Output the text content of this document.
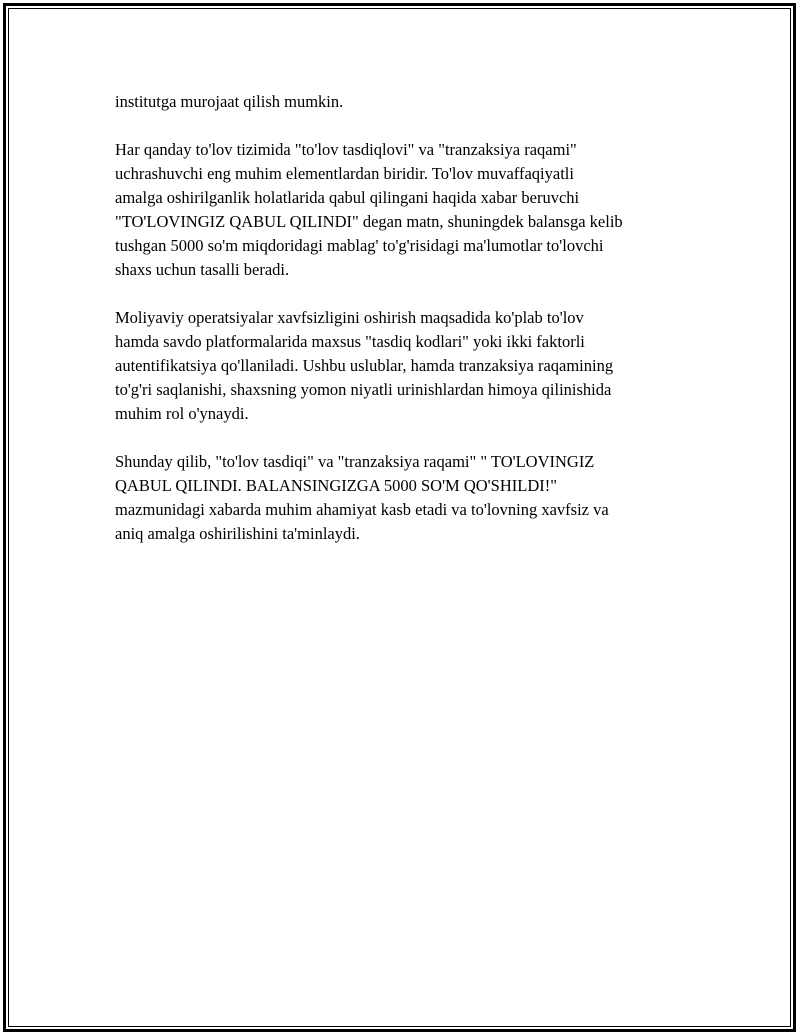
institutga murojaat qilish mumkin.

Har qanday to'lov tizimida "to'lov tasdiqlovi" va "tranzaksiya raqami"
uchrashuvchi eng muhim elementlardan biridir. To'lov muvaffaqiyatli
amalga oshirilganlik holatlarida qabul qilingani haqida xabar beruvchi
"TO'LOVINGIZ QABUL QILINDI" degan matn, shuningdek balansga kelib
tushgan 5000 so'm miqdoridagi mablag' to'g'risidagi ma'lumotlar to'lovchi
shaxs uchun tasalli beradi.

Moliyaviy operatsiyalar xavfsizligini oshirish maqsadida ko'plab to'lov
hamda savdo platformalarida maxsus "tasdiq kodlari" yoki ikki faktorli
autentifikatsiya qo'llaniladi. Ushbu uslublar, hamda tranzaksiya raqamining
to'g'ri saqlanishi, shaxsning yomon niyatli urinishlardan himoya qilinishida
muhim rol o'ynaydi.

Shunday qilib, "to'lov tasdiqi" va "tranzaksiya raqami" " TO'LOVINGIZ
QABUL QILINDI. BALANSINGIZGA 5000 SO'M QO'SHILDI!"
mazmunidagi xabarda muhim ahamiyat kasb etadi va to'lovning xavfsiz va
aniq amalga oshirilishini ta'minlaydi.
